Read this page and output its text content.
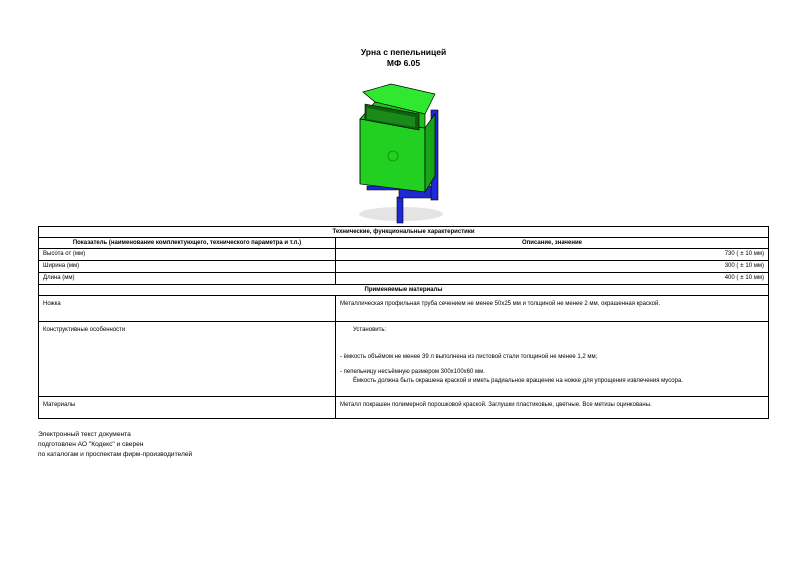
Урна с пепельницей
МФ 6.05
Технические, функциональные характеристики	
Показатель (наименование комплектующего, технического параметра и т.п.)	Описание, значение
Высота от (мм)	730 ( ± 10 мм)
Ширина (мм)	300 ( ± 10 мм)
Длина (мм)	400 ( ± 10 мм)
Применяемые материалы	
Ножка	Металлическая профильная труба сечением не менее 50х25 мм и толщиной не менее 2 мм, окрашенная краской.
Конструктивные особенности	Установить:
- ёмкость объёмом не менее 39 л выполнена из листовой стали толщиной не менее 1,2 мм;
- пепельницу несъёмную размером 300х100х60 мм.
Ёмкость должна быть окрашена краской и иметь радиальное вращение на ножке для упрощения извлечения мусора.

Материалы	Металл покрашен полимерной порошковой краской. Заглушки пластиковые, цветные. Все метизы оцинкованы.
Электронный текст документа
подготовлен АО "Кодекс" и сверен
по каталогам и проспектам фирм-производителей
